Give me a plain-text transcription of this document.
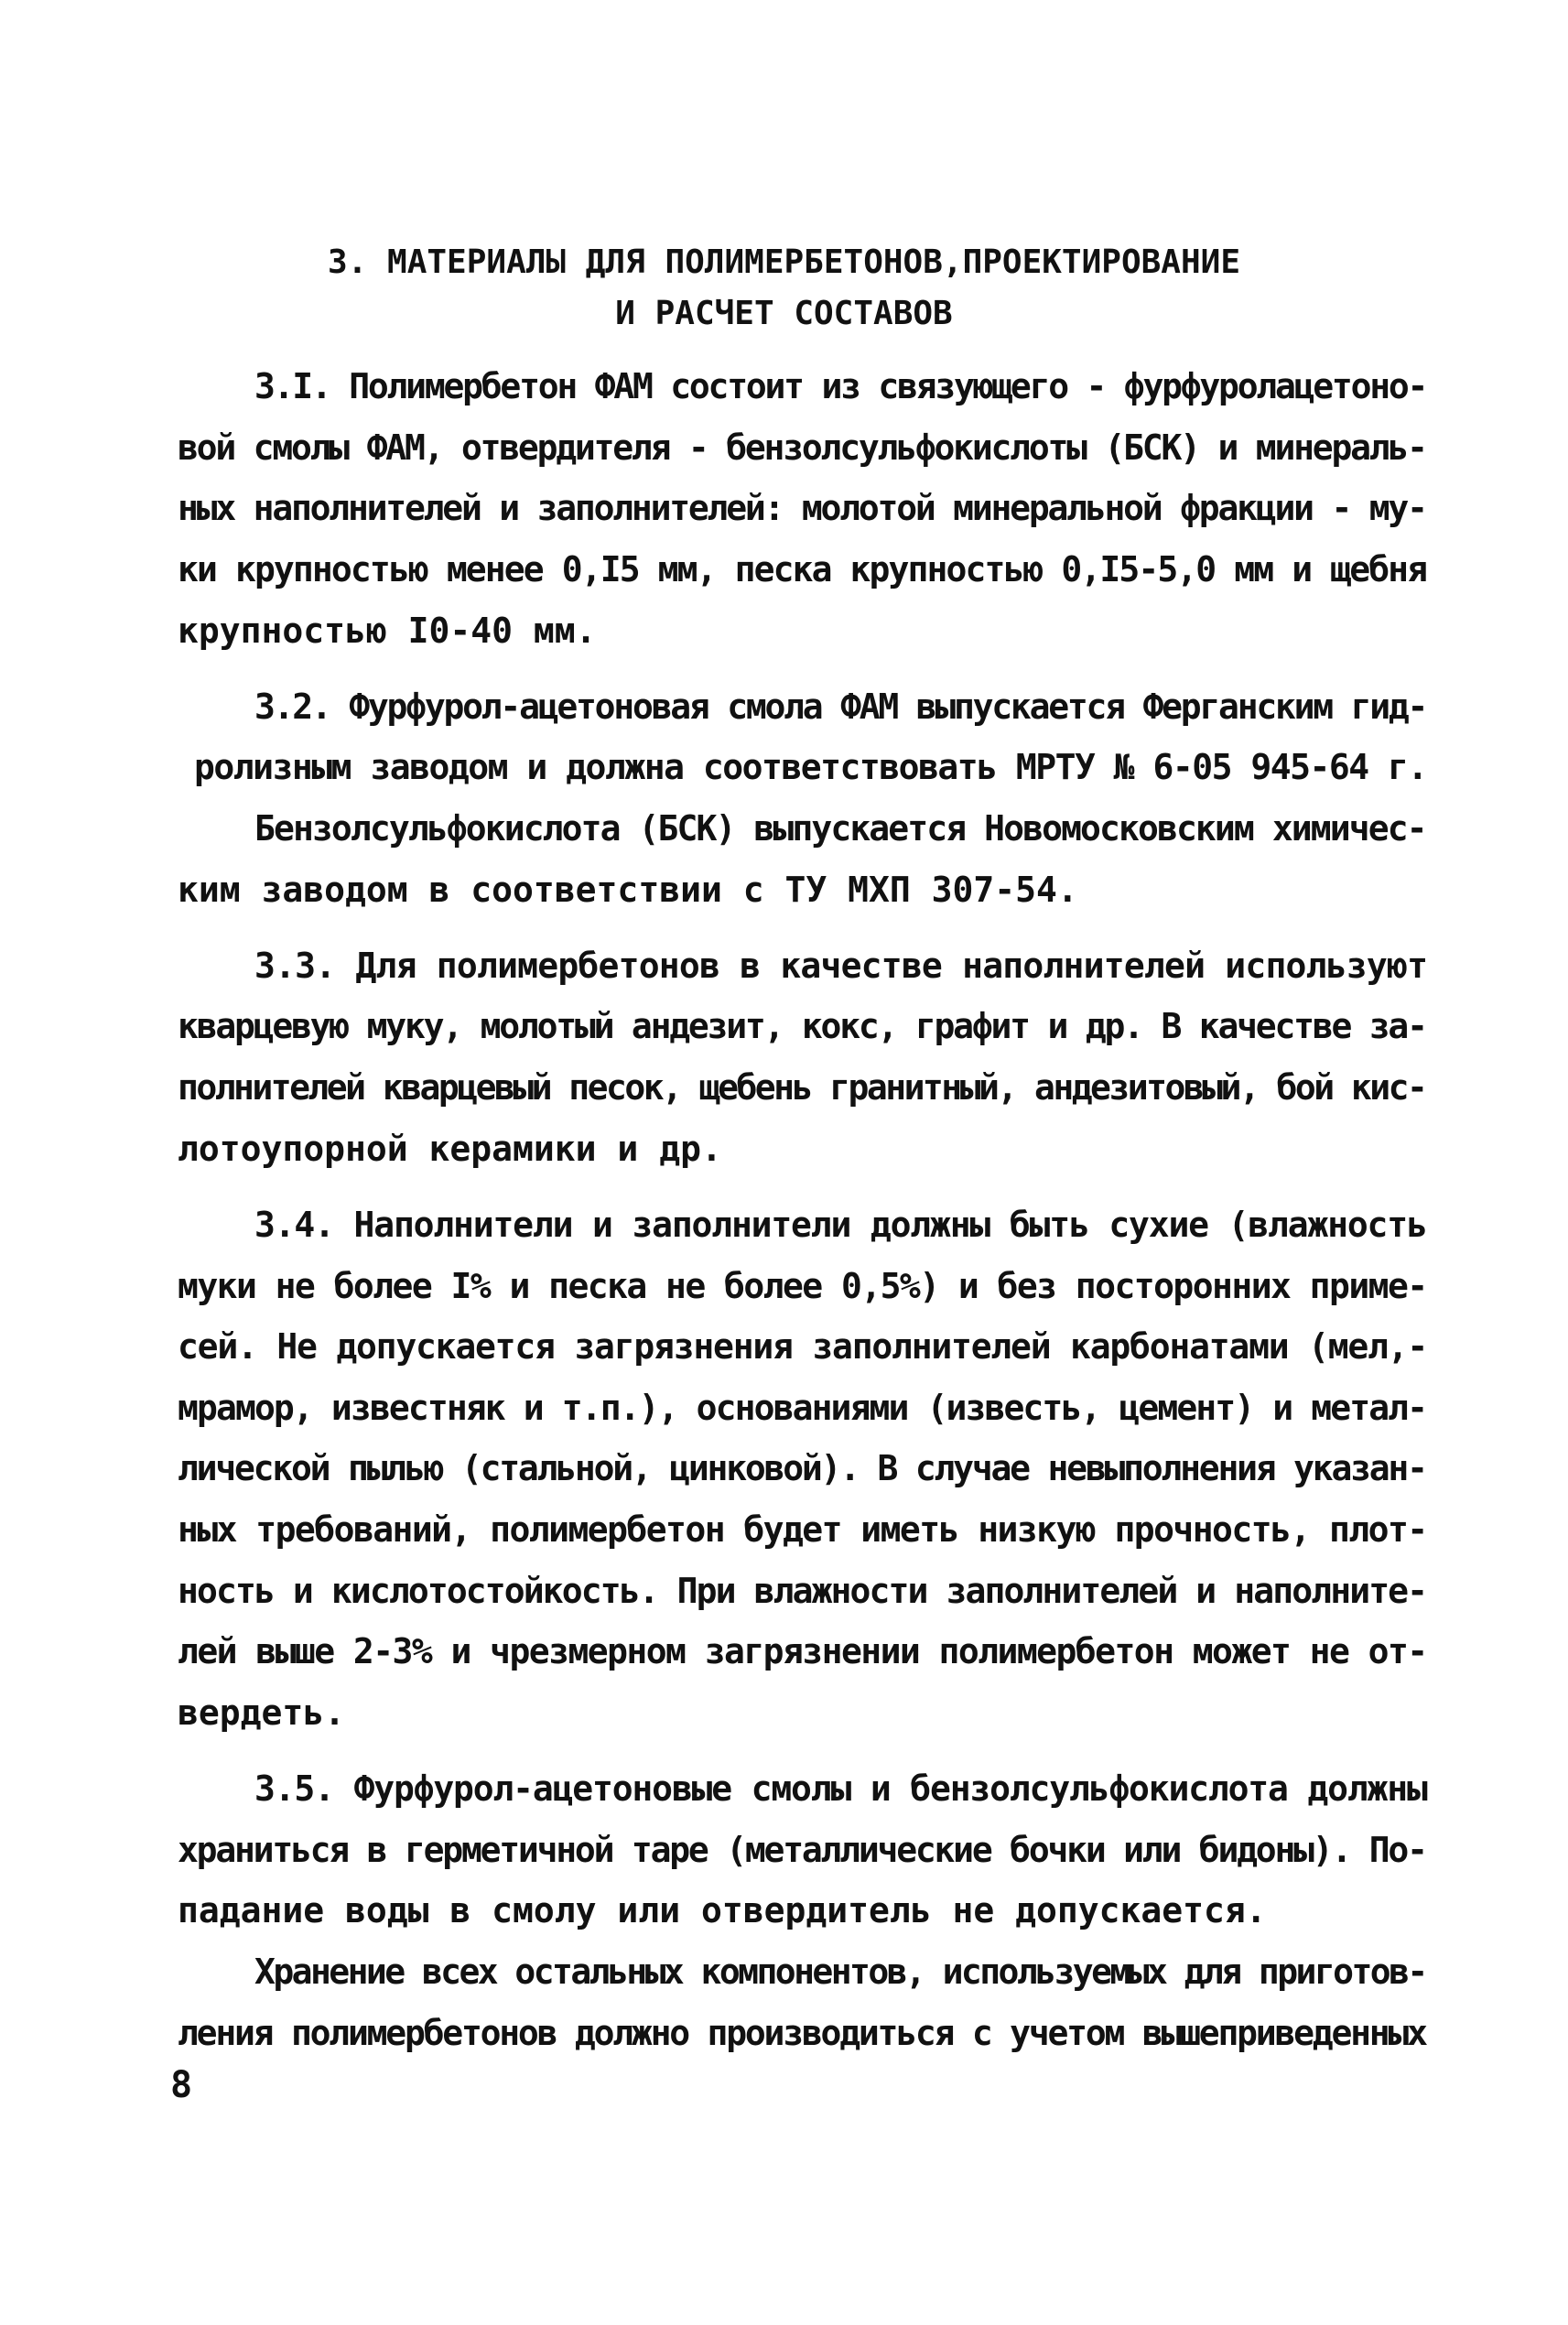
3. МАТЕРИАЛЫ ДЛЯ ПОЛИМЕРБЕТОНОВ,ПРОЕКТИРОВАНИЕ
И РАСЧЕТ СОСТАВОВ
3.I. Полимербетон ФАМ состоит из связующего - фурфуролацетоно-
вой смолы ФАМ, отвердителя - бензолсульфокислоты (БСК) и минераль-
ных наполнителей и заполнителей: молотой минеральной фракции - му-
ки крупностью менее 0,I5 мм, песка крупностью 0,I5-5,0 мм и щебня
крупностью I0-40 мм.
3.2. Фурфурол-ацетоновая смола ФАМ выпускается Ферганским гид-
ролизным заводом и должна соответствовать МРТУ № 6-05 945-64 г.
Бензолсульфокислота (БСК) выпускается Новомосковским химичес-
ким заводом в соответствии с ТУ МХП 307-54.
3.3. Для полимербетонов в качестве наполнителей используют
кварцевую муку, молотый андезит, кокс, графит и др. В качестве за-
полнителей кварцевый песок, щебень гранитный, андезитовый, бой кис-
лотоупорной керамики и др.
3.4. Наполнители и заполнители должны быть сухие (влажность
муки не более I% и песка не более 0,5%) и без посторонних приме-
сей. Не допускается загрязнения заполнителей карбонатами (мел,-
мрамор, известняк и т.п.), основаниями (известь, цемент) и метал-
лической пылью (стальной, цинковой). В случае невыполнения указан-
ных требований, полимербетон будет иметь низкую прочность, плот-
ность и кислотостойкость. При влажности заполнителей и наполните-
лей выше 2-3% и чрезмерном загрязнении полимербетон может не от-
вердеть.
3.5. Фурфурол-ацетоновые смолы и бензолсульфокислота должны
храниться в герметичной таре (металлические бочки или бидоны). По-
падание воды в смолу или отвердитель не допускается.
Хранение всех остальных компонентов, используемых для приготов-
ления полимербетонов должно производиться с учетом вышеприведенных
8
